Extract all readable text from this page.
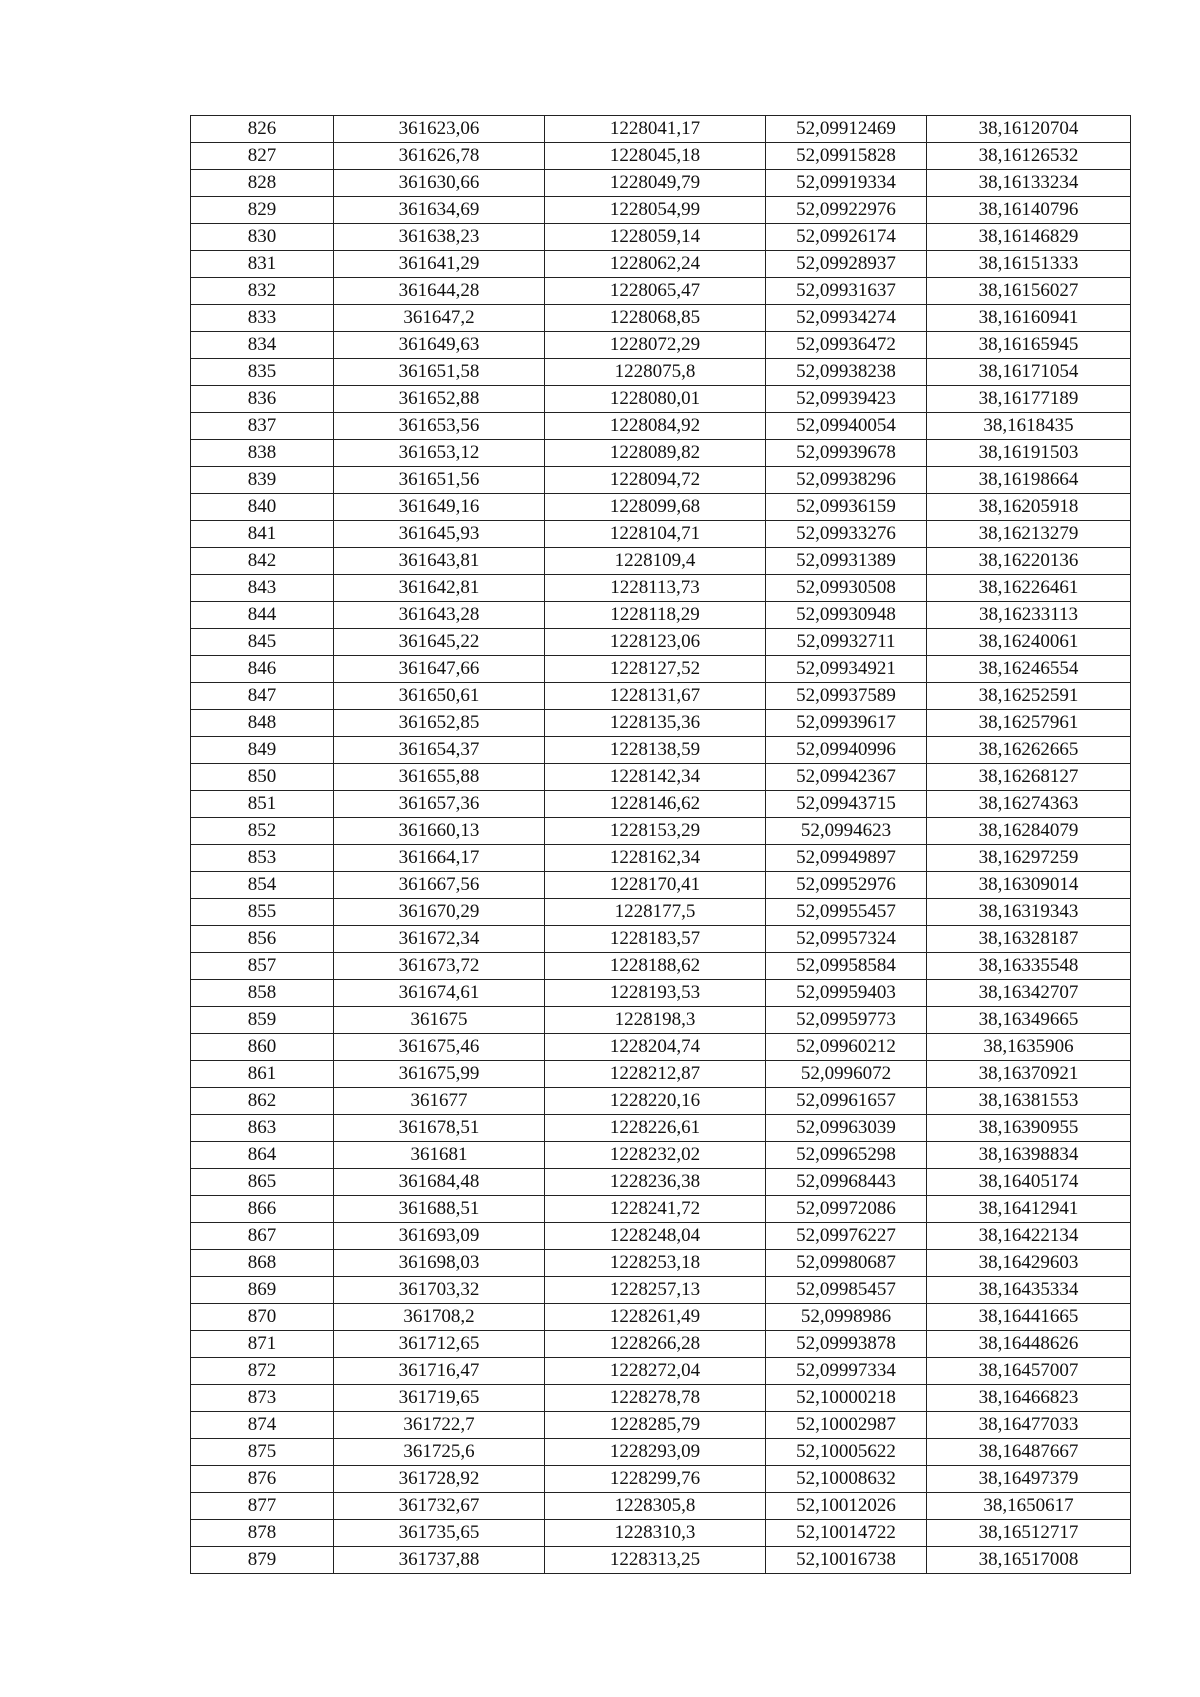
826	361623,06	1228041,17	52,09912469	38,16120704
827	361626,78	1228045,18	52,09915828	38,16126532
828	361630,66	1228049,79	52,09919334	38,16133234
829	361634,69	1228054,99	52,09922976	38,16140796
830	361638,23	1228059,14	52,09926174	38,16146829
831	361641,29	1228062,24	52,09928937	38,16151333
832	361644,28	1228065,47	52,09931637	38,16156027
833	361647,2	1228068,85	52,09934274	38,16160941
834	361649,63	1228072,29	52,09936472	38,16165945
835	361651,58	1228075,8	52,09938238	38,16171054
836	361652,88	1228080,01	52,09939423	38,16177189
837	361653,56	1228084,92	52,09940054	38,1618435
838	361653,12	1228089,82	52,09939678	38,16191503
839	361651,56	1228094,72	52,09938296	38,16198664
840	361649,16	1228099,68	52,09936159	38,16205918
841	361645,93	1228104,71	52,09933276	38,16213279
842	361643,81	1228109,4	52,09931389	38,16220136
843	361642,81	1228113,73	52,09930508	38,16226461
844	361643,28	1228118,29	52,09930948	38,16233113
845	361645,22	1228123,06	52,09932711	38,16240061
846	361647,66	1228127,52	52,09934921	38,16246554
847	361650,61	1228131,67	52,09937589	38,16252591
848	361652,85	1228135,36	52,09939617	38,16257961
849	361654,37	1228138,59	52,09940996	38,16262665
850	361655,88	1228142,34	52,09942367	38,16268127
851	361657,36	1228146,62	52,09943715	38,16274363
852	361660,13	1228153,29	52,0994623	38,16284079
853	361664,17	1228162,34	52,09949897	38,16297259
854	361667,56	1228170,41	52,09952976	38,16309014
855	361670,29	1228177,5	52,09955457	38,16319343
856	361672,34	1228183,57	52,09957324	38,16328187
857	361673,72	1228188,62	52,09958584	38,16335548
858	361674,61	1228193,53	52,09959403	38,16342707
859	361675	1228198,3	52,09959773	38,16349665
860	361675,46	1228204,74	52,09960212	38,1635906
861	361675,99	1228212,87	52,0996072	38,16370921
862	361677	1228220,16	52,09961657	38,16381553
863	361678,51	1228226,61	52,09963039	38,16390955
864	361681	1228232,02	52,09965298	38,16398834
865	361684,48	1228236,38	52,09968443	38,16405174
866	361688,51	1228241,72	52,09972086	38,16412941
867	361693,09	1228248,04	52,09976227	38,16422134
868	361698,03	1228253,18	52,09980687	38,16429603
869	361703,32	1228257,13	52,09985457	38,16435334
870	361708,2	1228261,49	52,0998986	38,16441665
871	361712,65	1228266,28	52,09993878	38,16448626
872	361716,47	1228272,04	52,09997334	38,16457007
873	361719,65	1228278,78	52,10000218	38,16466823
874	361722,7	1228285,79	52,10002987	38,16477033
875	361725,6	1228293,09	52,10005622	38,16487667
876	361728,92	1228299,76	52,10008632	38,16497379
877	361732,67	1228305,8	52,10012026	38,1650617
878	361735,65	1228310,3	52,10014722	38,16512717
879	361737,88	1228313,25	52,10016738	38,16517008
